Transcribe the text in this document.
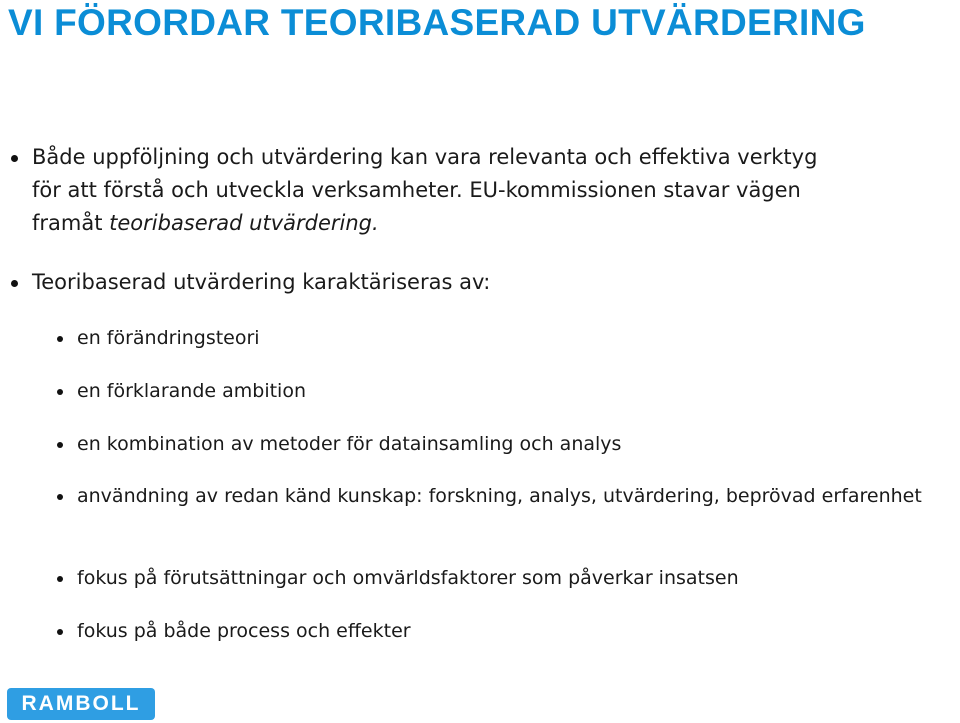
VI FÖRORDAR TEORIBASERAD UTVÄRDERING
Både uppföljning och utvärdering kan vara relevanta och effektiva verktyg
för att förstå och utveckla verksamheter. EU-kommissionen stavar vägen
framåt teoribaserad utvärdering.
Teoribaserad utvärdering karaktäriseras av:
en förändringsteori
en förklarande ambition
en kombination av metoder för datainsamling och analys
användning av redan känd kunskap: forskning, analys, utvärdering, beprövad erfarenhet
fokus på förutsättningar och omvärldsfaktorer som påverkar insatsen
fokus på både process och effekter
RAMBOLL
